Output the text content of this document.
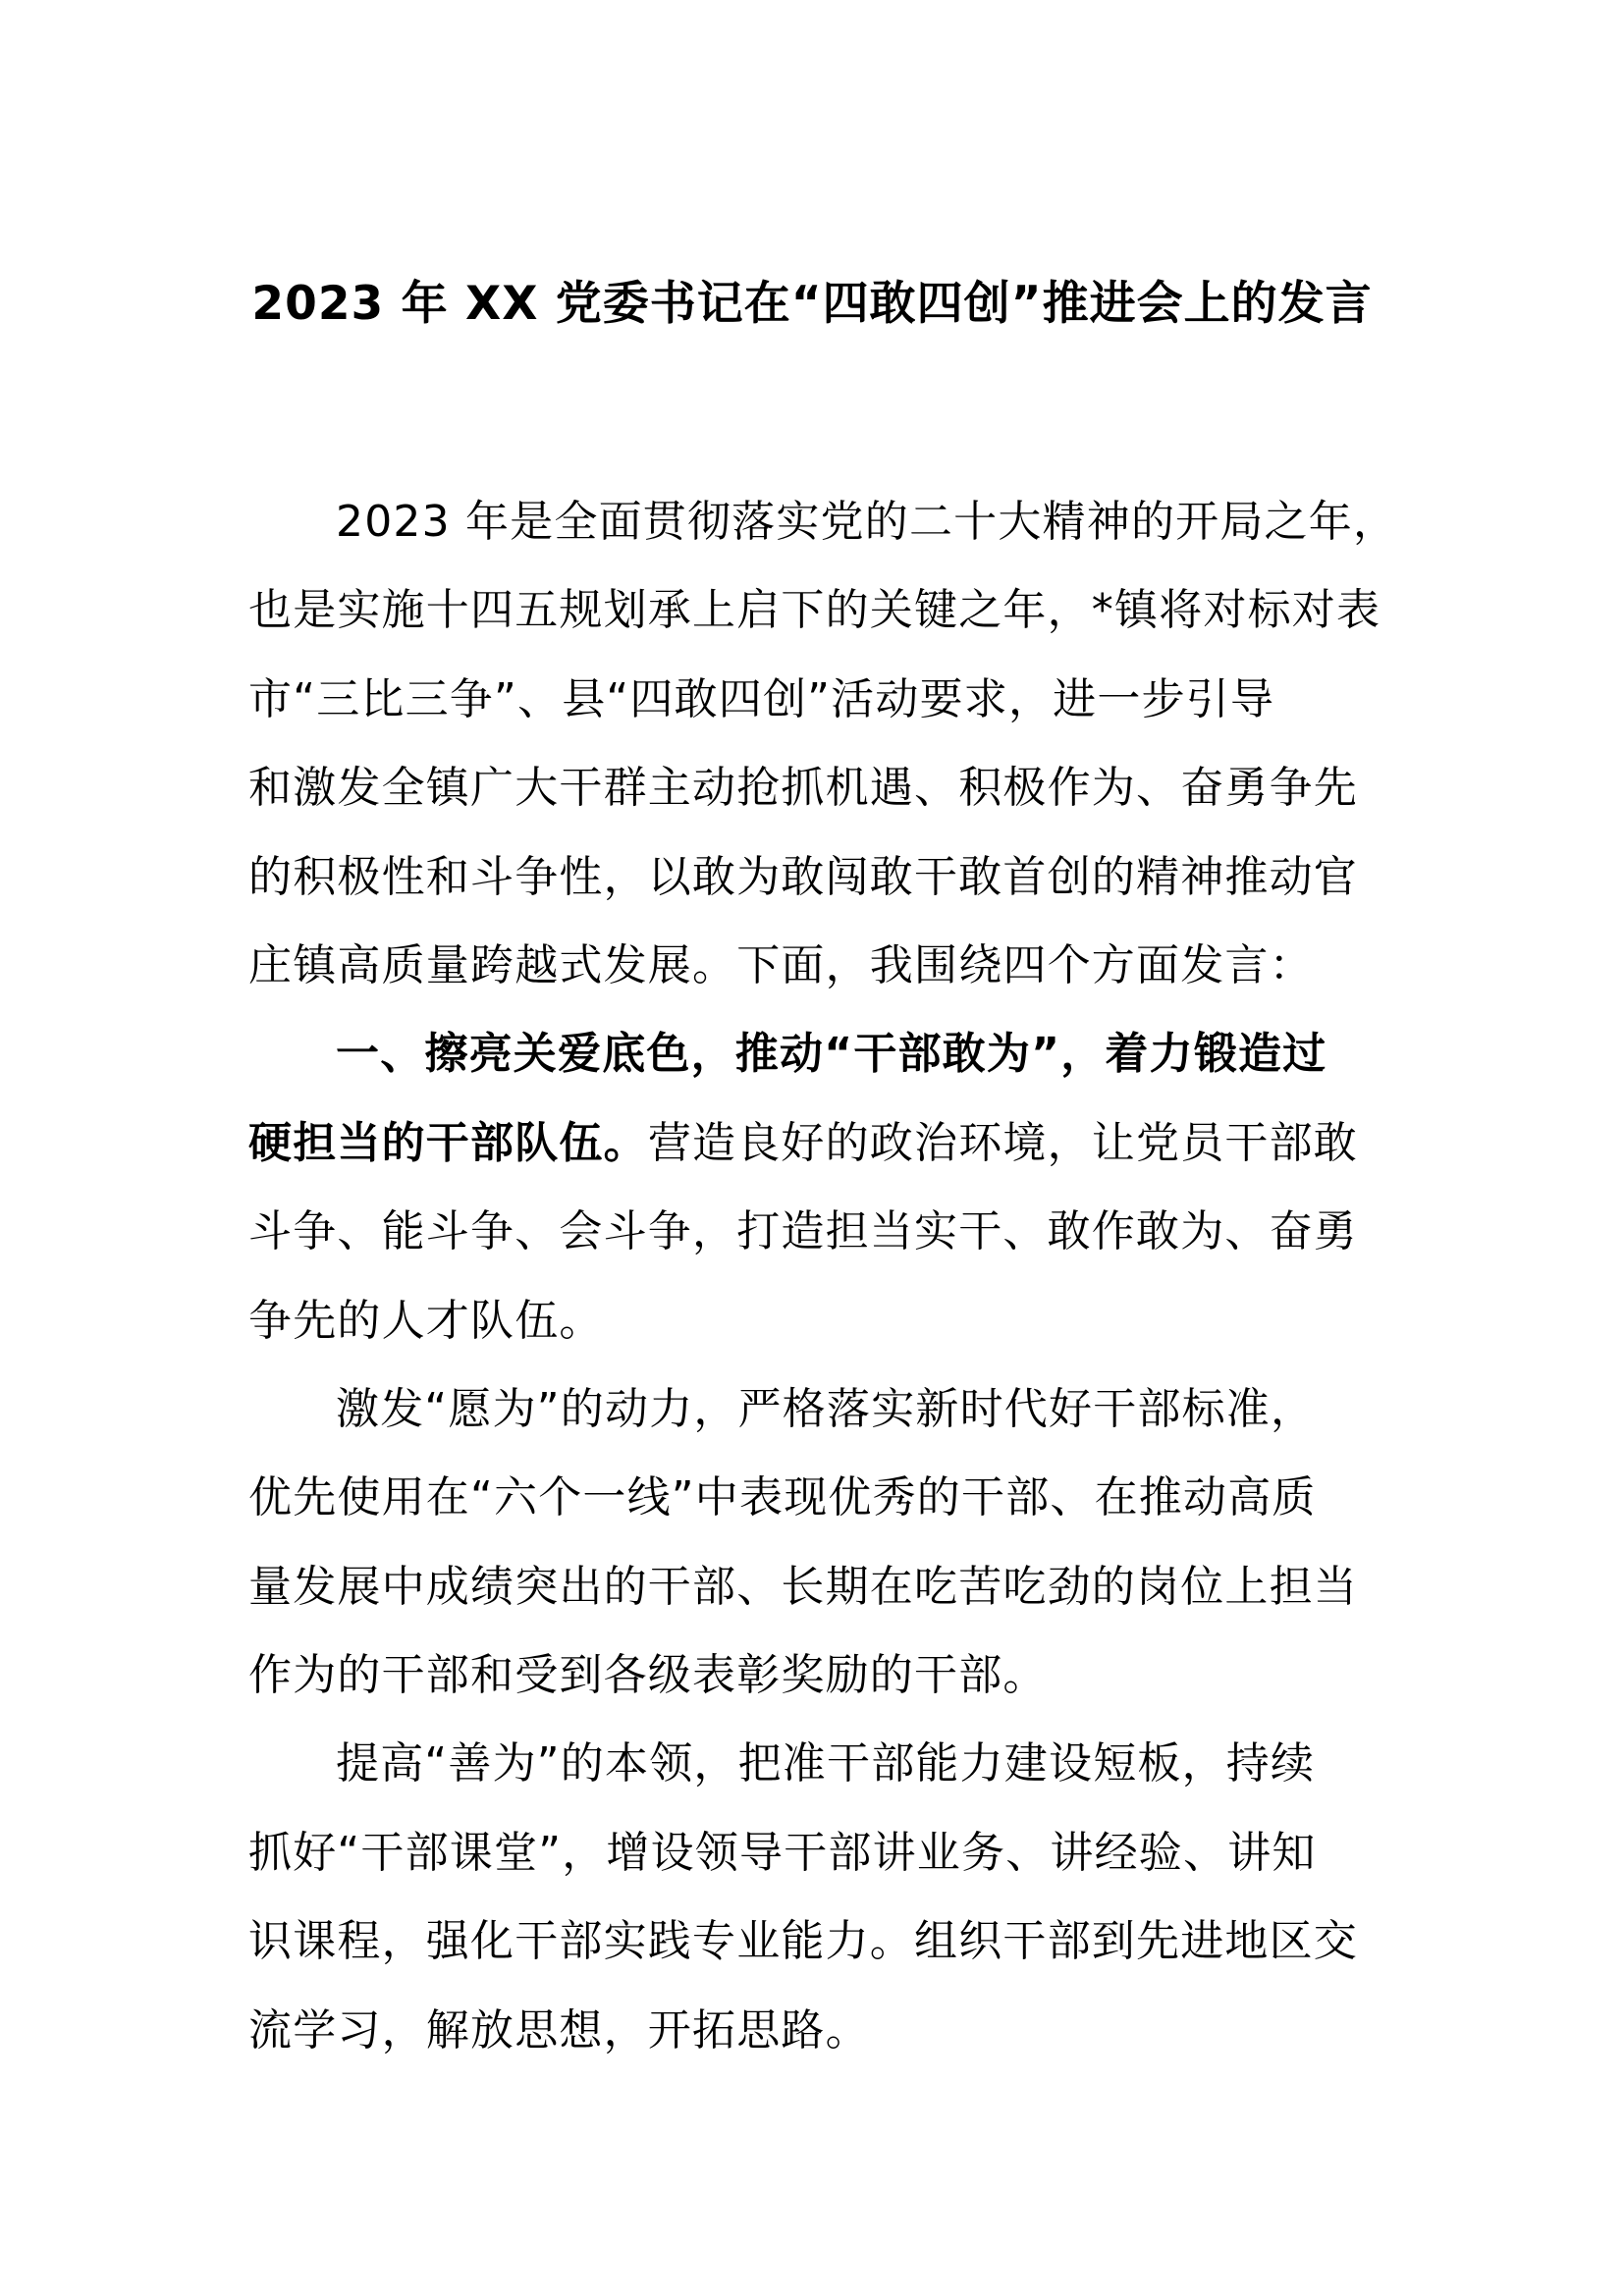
2023 年 XX 党委书记在“四敢四创”推进会上的发言
2023 年是全面贯彻落实党的二十大精神的开局之年，
也是实施十四五规划承上启下的关键之年，*镇将对标对表
市“三比三争”、县“四敢四创”活动要求，进一步引导
和激发全镇广大干群主动抢抓机遇、积极作为、奋勇争先
的积极性和斗争性，以敢为敢闯敢干敢首创的精神推动官
庄镇高质量跨越式发展。下面，我围绕四个方面发言：
一、擦亮关爱底色，推动“干部敢为”，着力锻造过
硬担当的干部队伍。营造良好的政治环境，让党员干部敢
斗争、能斗争、会斗争，打造担当实干、敢作敢为、奋勇
争先的人才队伍。
激发“愿为”的动力，严格落实新时代好干部标准，
优先使用在“六个一线”中表现优秀的干部、在推动高质
量发展中成绩突出的干部、长期在吃苦吃劲的岗位上担当
作为的干部和受到各级表彰奖励的干部。
提高“善为”的本领，把准干部能力建设短板，持续
抓好“干部课堂”，增设领导干部讲业务、讲经验、讲知
识课程，强化干部实践专业能力。组织干部到先进地区交
流学习，解放思想，开拓思路。
